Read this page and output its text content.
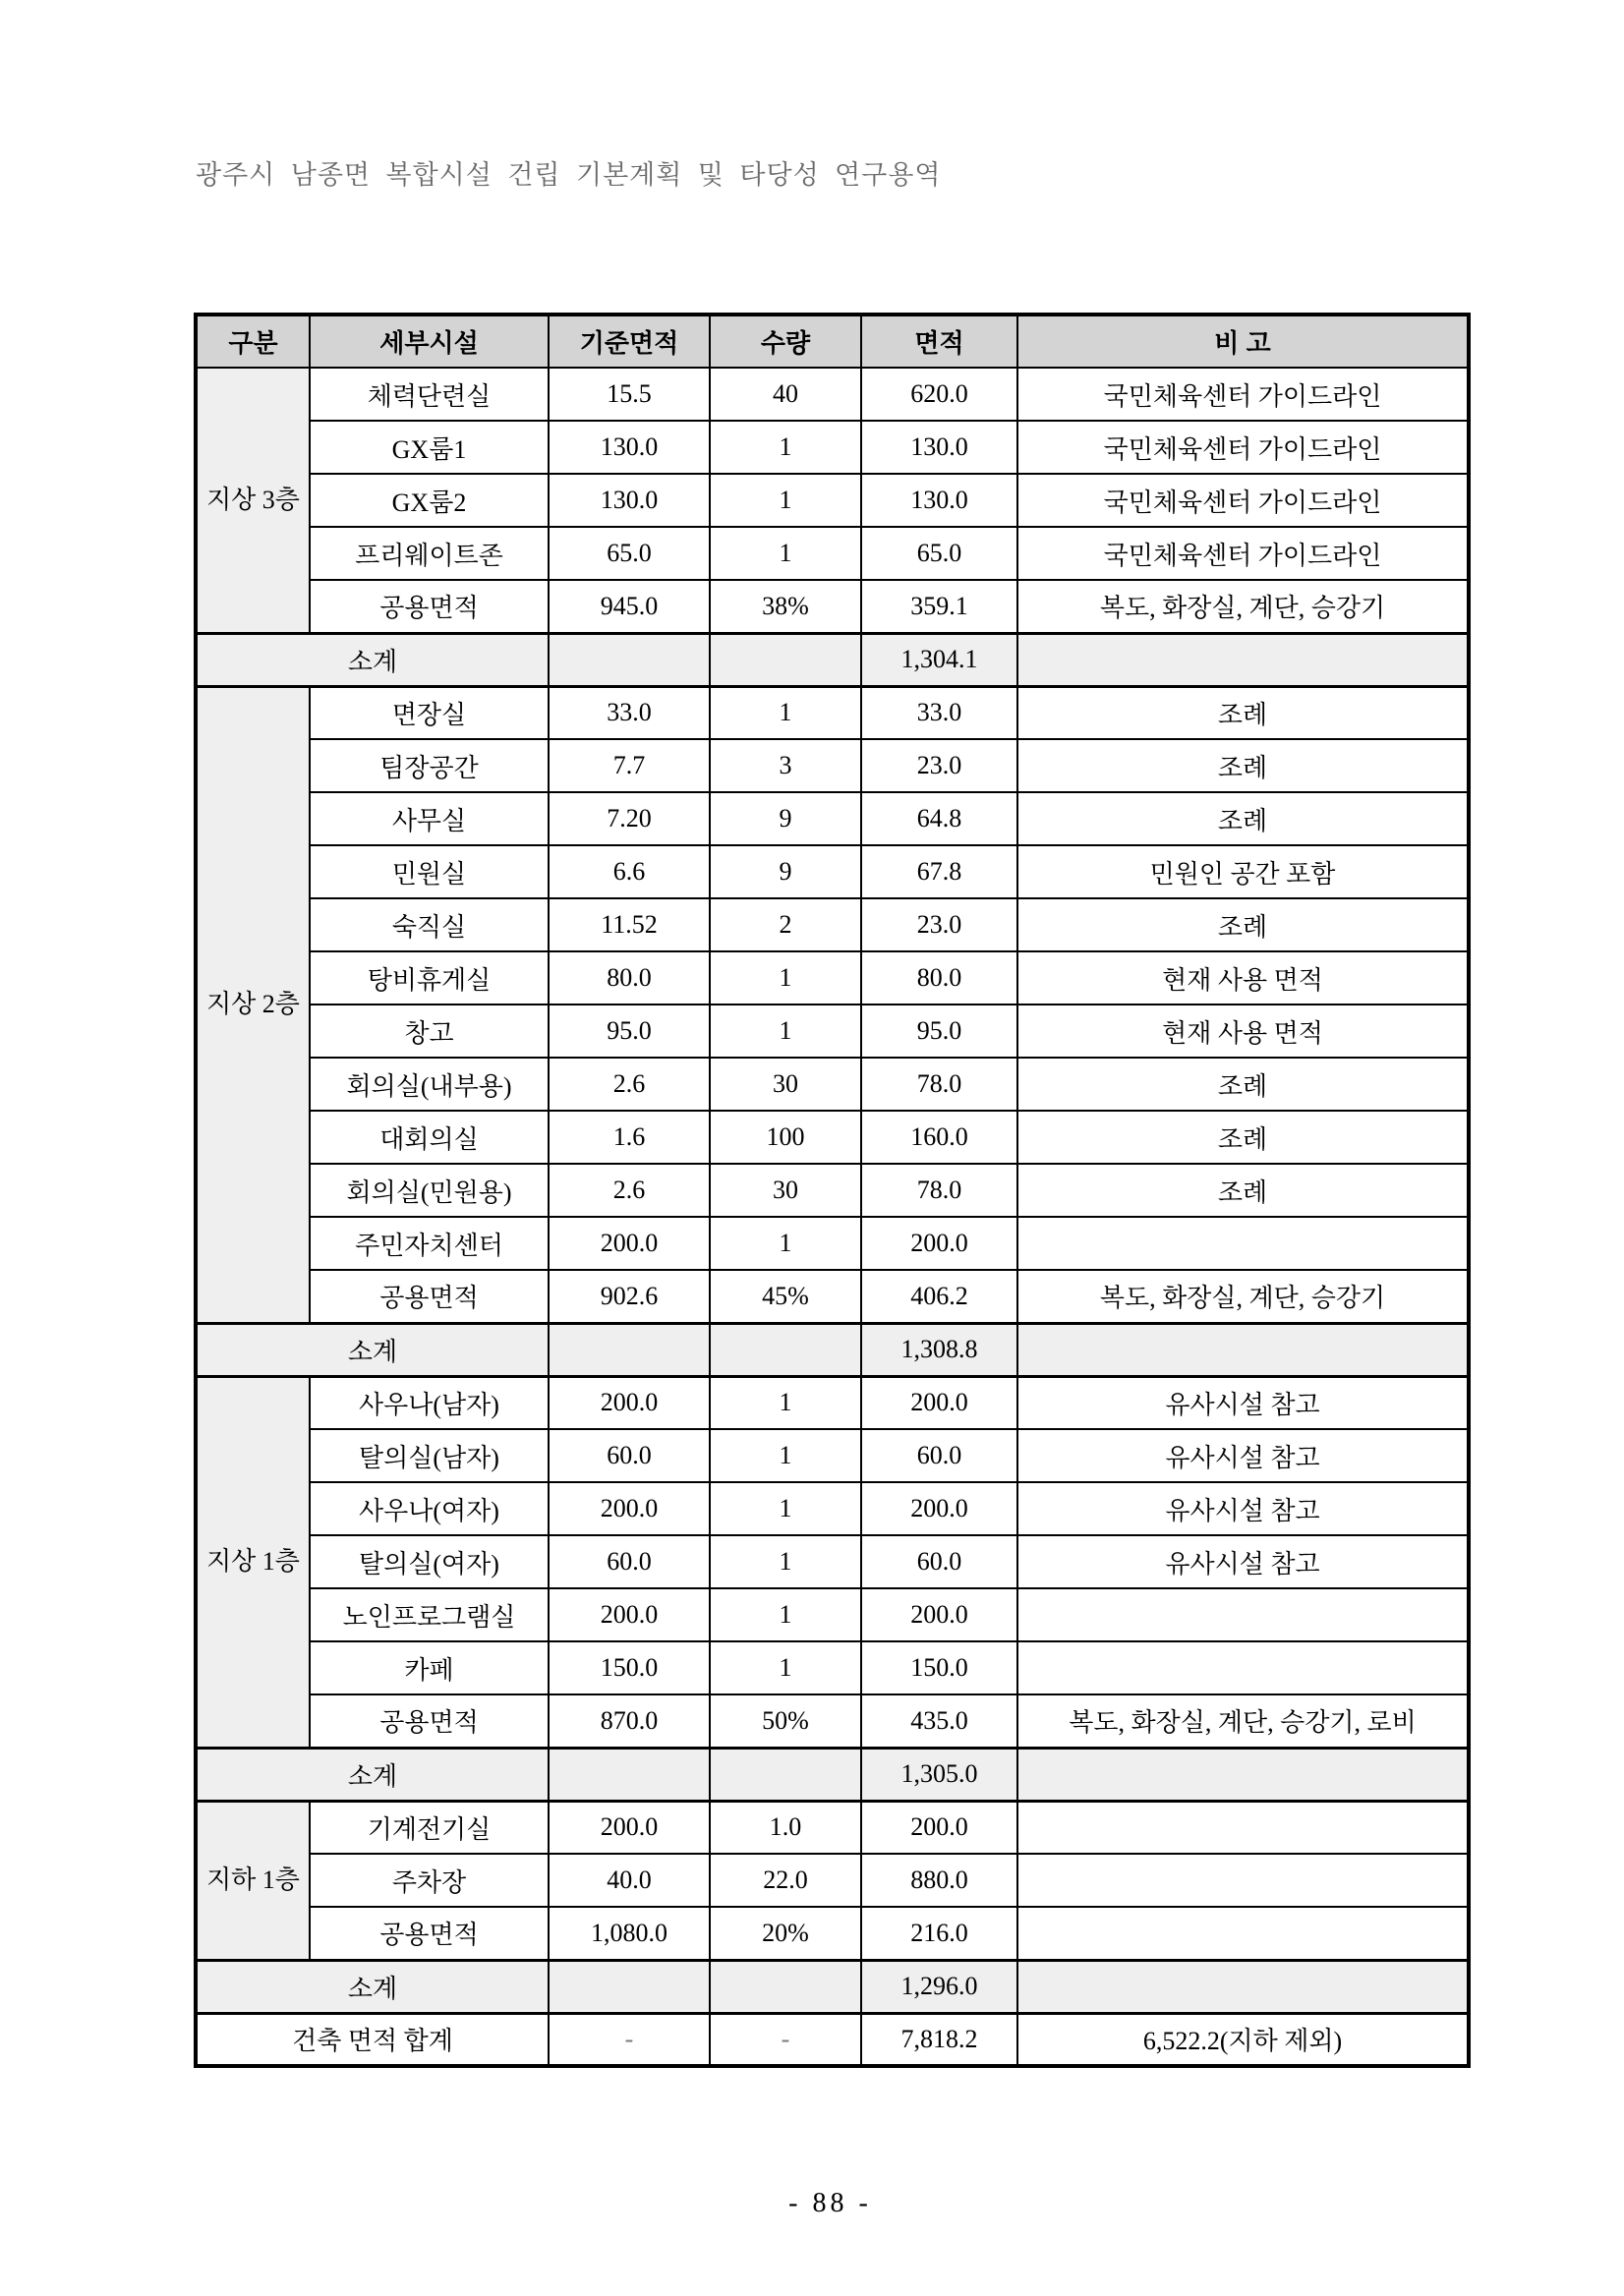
광주시 남종면 복합시설 건립 기본계획 및 타당성 연구용역
구분	세부시설	기준면적	수량	면적	비 고
지상 3층	체력단련실	15.5	40	620.0	국민체육센터 가이드라인
	GX룸1	130.0	1	130.0	국민체육센터 가이드라인
	GX룸2	130.0	1	130.0	국민체육센터 가이드라인
	프리웨이트존	65.0	1	65.0	국민체육센터 가이드라인
	공용면적	945.0	38%	359.1	복도, 화장실, 계단, 승강기
소계				1,304.1	
지상 2층	면장실	33.0	1	33.0	조례
	팀장공간	7.7	3	23.0	조례
	사무실	7.20	9	64.8	조례
	민원실	6.6	9	67.8	민원인 공간 포함
	숙직실	11.52	2	23.0	조례
	탕비휴게실	80.0	1	80.0	현재 사용 면적
	창고	95.0	1	95.0	현재 사용 면적
	회의실(내부용)	2.6	30	78.0	조례
	대회의실	1.6	100	160.0	조례
	회의실(민원용)	2.6	30	78.0	조례
	주민자치센터	200.0	1	200.0	
	공용면적	902.6	45%	406.2	복도, 화장실, 계단, 승강기
소계				1,308.8	
지상 1층	사우나(남자)	200.0	1	200.0	유사시설 참고
	탈의실(남자)	60.0	1	60.0	유사시설 참고
	사우나(여자)	200.0	1	200.0	유사시설 참고
	탈의실(여자)	60.0	1	60.0	유사시설 참고
	노인프로그램실	200.0	1	200.0	
	카페	150.0	1	150.0	
	공용면적	870.0	50%	435.0	복도, 화장실, 계단, 승강기, 로비
소계				1,305.0	
지하 1층	기계전기실	200.0	1.0	200.0	
	주차장	40.0	22.0	880.0	
	공용면적	1,080.0	20%	216.0	
소계				1,296.0	
건축 면적 합계		-	-	7,818.2	6,522.2(지하 제외)
- 88 -
